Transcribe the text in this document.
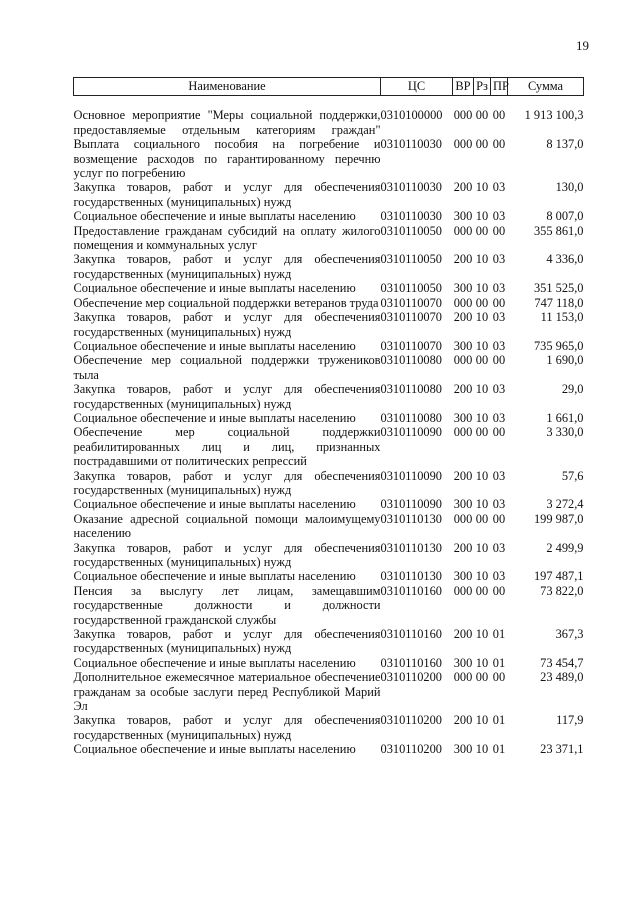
19
Наименование	ЦС	ВР	Рз	ПР	Сумма

Основное мероприятие "Меры социальной поддержки, предоставляемые отдельным категориям граждан"	0310100000	000	00	00	1 913 100,3
Выплата социального пособия на погребение и возмещение расходов по гарантированному перечню услуг по погребению	0310110030	000	00	00	8 137,0
Закупка товаров, работ и услуг для обеспечения государственных (муниципальных) нужд	0310110030	200	10	03	130,0
Социальное обеспечение и иные выплаты населению	0310110030	300	10	03	8 007,0
Предоставление гражданам субсидий на оплату жилого помещения и коммунальных услуг	0310110050	000	00	00	355 861,0
Закупка товаров, работ и услуг для обеспечения государственных (муниципальных) нужд	0310110050	200	10	03	4 336,0
Социальное обеспечение и иные выплаты населению	0310110050	300	10	03	351 525,0
Обеспечение мер социальной поддержки ветеранов труда	0310110070	000	00	00	747 118,0
Закупка товаров, работ и услуг для обеспечения государственных (муниципальных) нужд	0310110070	200	10	03	11 153,0
Социальное обеспечение и иные выплаты населению	0310110070	300	10	03	735 965,0
Обеспечение мер социальной поддержки тружеников тыла	0310110080	000	00	00	1 690,0
Закупка товаров, работ и услуг для обеспечения государственных (муниципальных) нужд	0310110080	200	10	03	29,0
Социальное обеспечение и иные выплаты населению	0310110080	300	10	03	1 661,0
Обеспечение мер социальной поддержки реабилитированных лиц и лиц, признанных пострадавшими от политических репрессий	0310110090	000	00	00	3 330,0
Закупка товаров, работ и услуг для обеспечения государственных (муниципальных) нужд	0310110090	200	10	03	57,6
Социальное обеспечение и иные выплаты населению	0310110090	300	10	03	3 272,4
Оказание адресной социальной помощи малоимущему населению	0310110130	000	00	00	199 987,0
Закупка товаров, работ и услуг для обеспечения государственных (муниципальных) нужд	0310110130	200	10	03	2 499,9
Социальное обеспечение и иные выплаты населению	0310110130	300	10	03	197 487,1
Пенсия за выслугу лет лицам, замещавшим государственные должности и должности государственной гражданской службы	0310110160	000	00	00	73 822,0
Закупка товаров, работ и услуг для обеспечения государственных (муниципальных) нужд	0310110160	200	10	01	367,3
Социальное обеспечение и иные выплаты населению	0310110160	300	10	01	73 454,7
Дополнительное ежемесячное материальное обеспечение гражданам за особые заслуги перед Республикой Марий Эл	0310110200	000	00	00	23 489,0
Закупка товаров, работ и услуг для обеспечения государственных (муниципальных) нужд	0310110200	200	10	01	117,9
Социальное обеспечение и иные выплаты населению	0310110200	300	10	01	23 371,1
